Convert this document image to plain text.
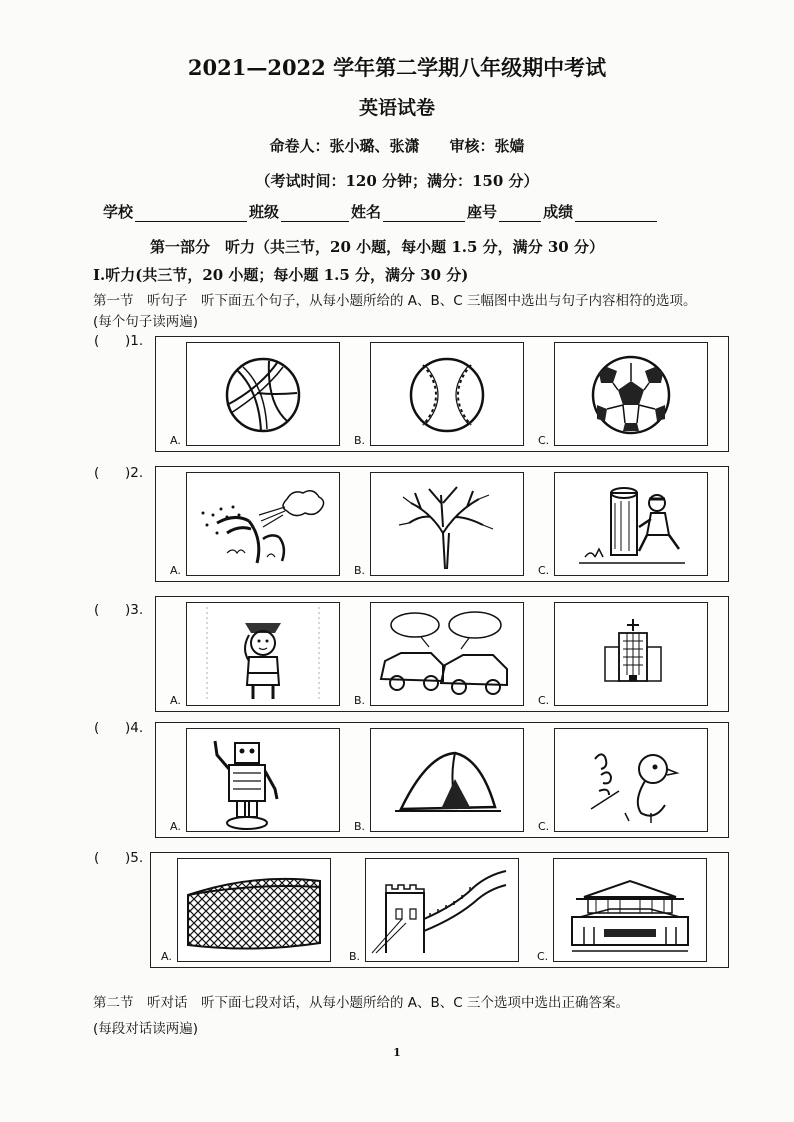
2021—2022 学年第二学期八年级期中考试
英语试卷
命卷人：张小璐、张潇　　审核：张嫱
（考试时间：120 分钟；满分：150 分）
学校	班级	姓名	座号	成绩
第一部分　听力（共三节，20 小题，每小题 1.5 分，满分 30 分）
I.听力(共三节，20 小题；每小题 1.5 分，满分 30 分)
第一节　听句子　听下面五个句子，从每小题所给的 A、B、C 三幅图中选出与句子内容相符的选项。(每个句子读两遍)
(      )1.
A.	B.	C.
(      )2.
A.	B.	C.
(      )3.
A.	B.	C.
(      )4.
A.	B.	C.
(      )5.
A.	B.	C.
第二节　听对话　听下面七段对话，从每小题所给的 A、B、C 三个选项中选出正确答案。
(每段对话读两遍)
1
